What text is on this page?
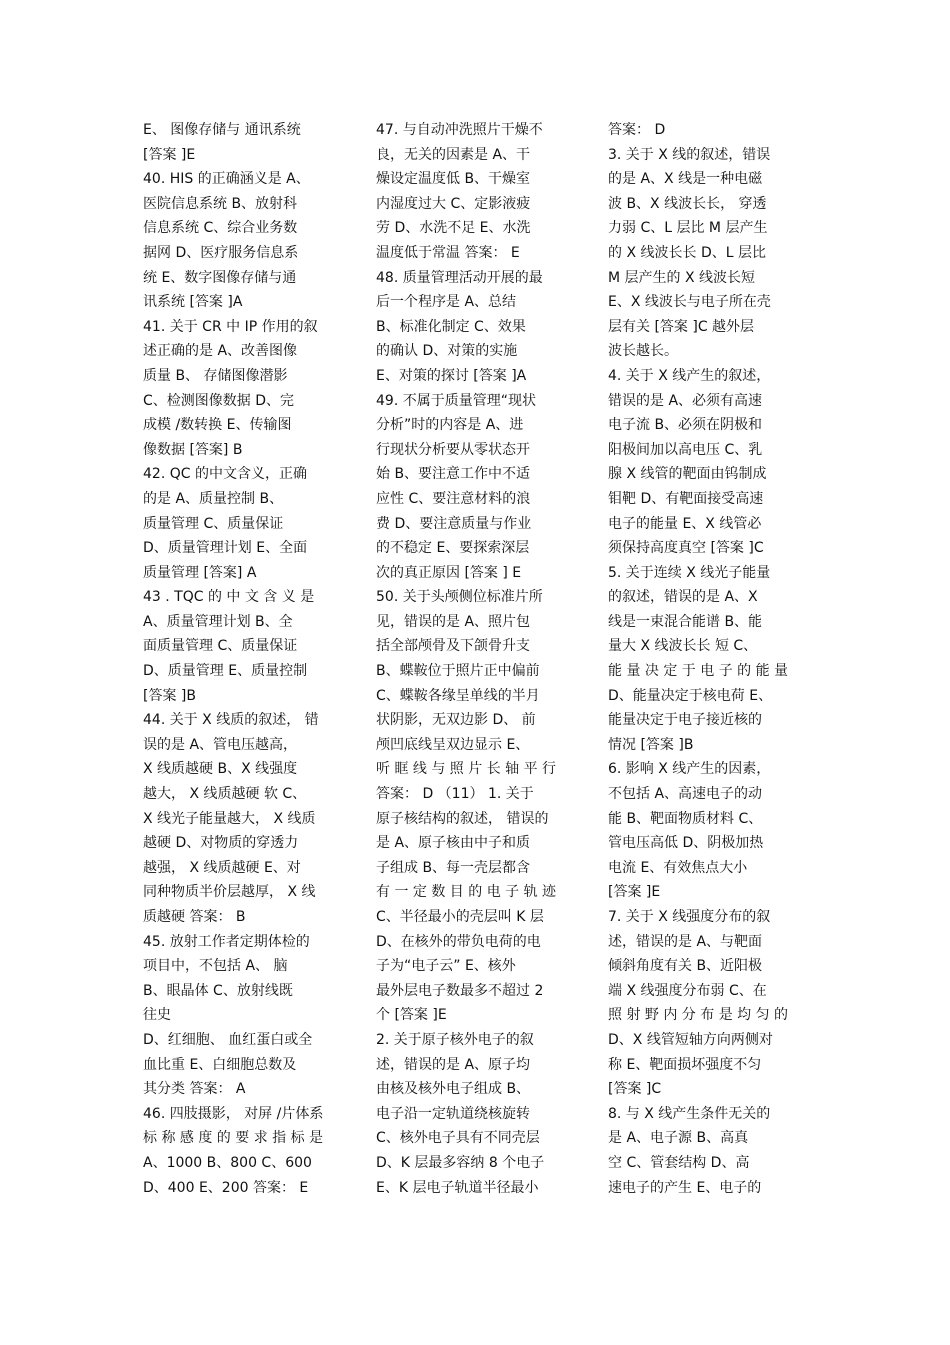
E、 图像存储与 通讯系统
[答案 ]E
40. HIS 的正确涵义是 A、
医院信息系统 B、放射科
信息系统 C、综合业务数
据网 D、医疗服务信息系
统 E、数字图像存储与通
讯系统 [答案 ]A
41. 关于 CR 中 IP 作用的叙
述正确的是 A、改善图像
质量 B、 存储图像潜影
C、检测图像数据 D、完
成模 /数转换 E、传输图
像数据 [答案] B
42. QC 的中文含义，正确
的是 A、质量控制 B、
质量管理 C、质量保证
D、质量管理计划 E、全面
质量管理 [答案] A
43 . TQC 的 中 文 含 义 是
A、质量管理计划 B、全
面质量管理 C、质量保证
D、质量管理 E、质量控制
[答案 ]B
44. 关于 X 线质的叙述， 错
误的是 A、管电压越高，
X 线质越硬 B、X 线强度
越大， X 线质越硬 软 C、
X 线光子能量越大， X 线质
越硬 D、对物质的穿透力
越强， X 线质越硬 E、对
同种物质半价层越厚， X 线
质越硬 答案： B
45. 放射工作者定期体检的
项目中，不包括 A、 脑
B、眼晶体 C、放射线既
往史
D、红细胞、 血红蛋白或全
血比重 E、白细胞总数及
其分类 答案： A
46. 四肢摄影， 对屏 /片体系
标 称 感 度 的 要 求 指 标 是
A、1000 B、800 C、600
D、400 E、200 答案： E
47. 与自动冲洗照片干燥不
良，无关的因素是 A、干
燥设定温度低 B、干燥室
内湿度过大 C、定影液疲
劳 D、水洗不足 E、水洗
温度低于常温 答案： E
48. 质量管理活动开展的最
后一个程序是 A、总结
B、标准化制定 C、效果
的确认 D、对策的实施
E、对策的探讨 [答案 ]A
49. 不属于质量管理“现状
分析”时的内容是 A、进
行现状分析要从零状态开
始 B、要注意工作中不适
应性 C、要注意材料的浪
费 D、要注意质量与作业
的不稳定 E、要探索深层
次的真正原因 [答案 ] E
50. 关于头颅侧位标准片所
见，错误的是 A、照片包
括全部颅骨及下颌骨升支
B、蝶鞍位于照片正中偏前
C、蝶鞍各缘呈单线的半月
状阴影，无双边影 D、 前
颅凹底线呈双边显示 E、
听 眶 线 与 照 片 长 轴 平 行
答案： D （11） 1. 关于
原子核结构的叙述， 错误的
是 A、原子核由中子和质
子组成 B、每一壳层都含
有 一 定 数 目 的 电 子 轨 迹
C、半径最小的壳层叫 K 层
D、在核外的带负电荷的电
子为“电子云” E、核外
最外层电子数最多不超过 2
个 [答案 ]E
2. 关于原子核外电子的叙
述，错误的是 A、原子均
由核及核外电子组成 B、
电子沿一定轨道绕核旋转
C、核外电子具有不同壳层
D、K 层最多容纳 8 个电子
E、K 层电子轨道半径最小
答案： D
3. 关于 X 线的叙述，错误
的是 A、X 线是一种电磁
波 B、X 线波长长， 穿透
力弱 C、L 层比 M 层产生
的 X 线波长长 D、L 层比
M 层产生的 X 线波长短
E、X 线波长与电子所在壳
层有关 [答案 ]C 越外层
波长越长。
4. 关于 X 线产生的叙述，
错误的是 A、必须有高速
电子流 B、必须在阴极和
阳极间加以高电压 C、乳
腺 X 线管的靶面由钨制成
钼靶 D、有靶面接受高速
电子的能量 E、X 线管必
须保持高度真空 [答案 ]C
5. 关于连续 X 线光子能量
的叙述，错误的是 A、X
线是一束混合能谱 B、能
量大 X 线波长长 短 C、
能 量 决 定 于 电 子 的 能 量
D、能量决定于核电荷 E、
能量决定于电子接近核的
情况 [答案 ]B
6. 影响 X 线产生的因素，
不包括 A、高速电子的动
能 B、靶面物质材料 C、
管电压高低 D、阴极加热
电流 E、有效焦点大小
[答案 ]E
7. 关于 X 线强度分布的叙
述，错误的是 A、与靶面
倾斜角度有关 B、近阳极
端 X 线强度分布弱 C、在
照 射 野 内 分 布 是 均 匀 的
D、X 线管短轴方向两侧对
称 E、靶面损坏强度不匀
[答案 ]C
8. 与 X 线产生条件无关的
是 A、电子源 B、高真
空 C、管套结构 D、高
速电子的产生 E、电子的
